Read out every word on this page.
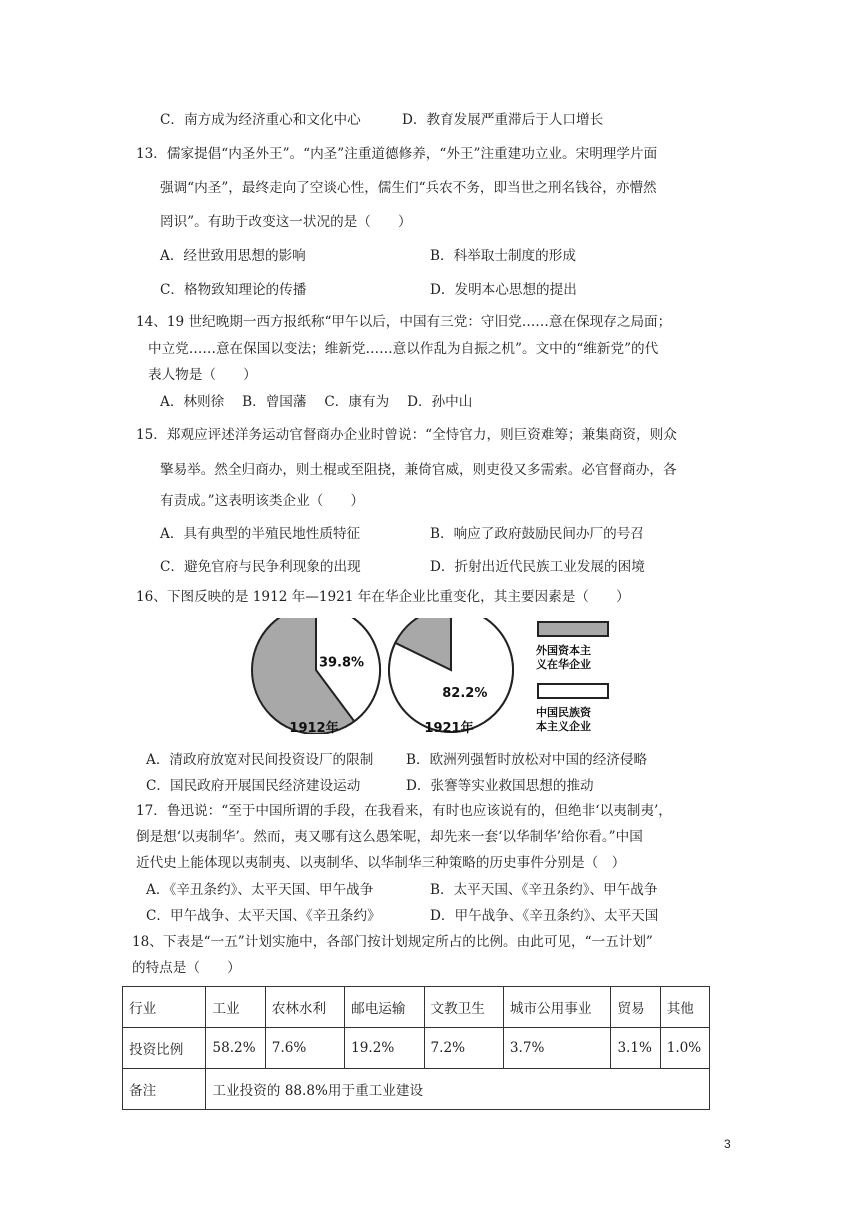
C．南方成为经济重心和文化中心	D．教育发展严重滞后于人口增长
13．儒家提倡“内圣外王”。“内圣”注重道德修养，“外王”注重建功立业。宋明理学片面
强调“内圣”，最终走向了空谈心性，儒生们“兵农不务，即当世之刑名钱谷，亦懵然
罔识”。有助于改变这一状况的是（　　）
A．经世致用思想的影响	B．科举取士制度的形成
C．格物致知理论的传播	D．发明本心思想的提出
14、19 世纪晚期一西方报纸称“甲午以后，中国有三党：守旧党……意在保现存之局面；
中立党……意在保国以变法；维新党……意以作乱为自振之机”。文中的“维新党”的代
表人物是（　　）
A．林则徐　 B．曾国藩　 C．康有为　 D．孙中山
15．郑观应评述洋务运动官督商办企业时曾说：“全恃官力，则巨资难筹；兼集商资，则众
擎易举。然全归商办，则土棍或至阻挠，兼倚官威，则吏役又多需索。必官督商办，各
有责成。”这表明该类企业（　　）
A．具有典型的半殖民地性质特征	B．响应了政府鼓励民间办厂的号召
C．避免官府与民争利现象的出现	D．折射出近代民族工业发展的困境
16、下图反映的是 1912 年—1921 年在华企业比重变化，其主要因素是（　　）
39.8%
1912年
82.2%
1921年
外国资本主
义在华企业
中国民族资
本主义企业
A．清政府放宽对民间投资设厂的限制 B．欧洲列强暂时放松对中国的经济侵略
C．国民政府开展国民经济建设运动	D．张謇等实业救国思想的推动
17．鲁迅说：“至于中国所谓的手段，在我看来，有时也应该说有的，但绝非‘以夷制夷’，
倒是想‘以夷制华’。然而，夷又哪有这么愚笨呢，却先来一套‘以华制华’给你看。”中国
近代史上能体现以夷制夷、以夷制华、以华制华三种策略的历史事件分别是（　）
A．《辛丑条约》、太平天国、甲午战争	B．太平天国、《辛丑条约》、甲午战争
C．甲午战争、太平天国、《辛丑条约》	D．甲午战争、《辛丑条约》、太平天国
18、下表是“一五”计划实施中，各部门按计划规定所占的比例。由此可见，“一五计划”
的特点是（　　）
行业	工业	农林水利	邮电运输	文教卫生	城市公用事业	贸易	其他
投资比例	58.2%	7.6%	19.2%	7.2%	3.7%	3.1%	1.0%
备注	工业投资的 88.8%用于重工业建设						
3
